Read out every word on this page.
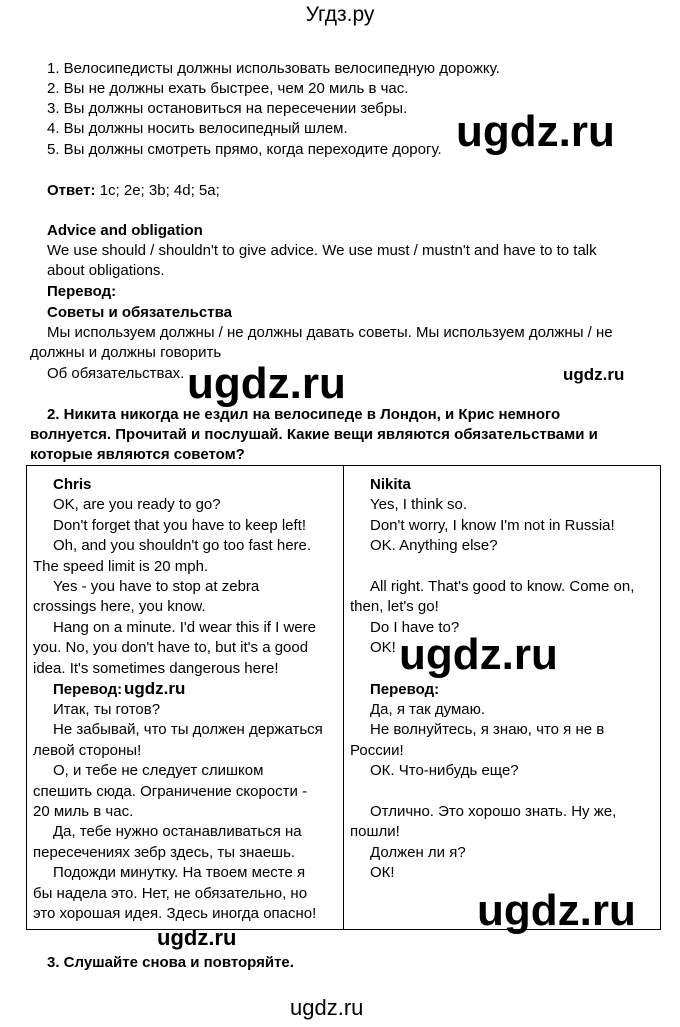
Угдз.ру
1. Велосипедисты должны использовать велосипедную дорожку.
2. Вы не должны ехать быстрее, чем 20 миль в час.
3. Вы должны остановиться на пересечении зебры.
4. Вы должны носить велосипедный шлем.
5. Вы должны смотреть прямо, когда переходите дорогу. ugdz.ru
Ответ: 1c; 2e; 3b; 4d; 5a;
Advice and obligation
We use should / shouldn't to give advice. We use must / mustn't and have to to talk
about obligations.
Перевод:
Советы и обязательства
Мы используем должны / не должны давать советы. Мы используем должны / не
должны и должны говорить
Об обязательствах. ugdz.ru	ugdz.ru
2. Никита никогда не ездил на велосипеде в Лондон, и Крис немного
волнуется. Прочитай и послушай. Какие вещи являются обязательствами и
которые являются советом?
Chris
OK, are you ready to go?
Don't forget that you have to keep left!
Oh, and you shouldn't go too fast here.
The speed limit is 20 mph.
Yes - you have to stop at zebra
crossings here, you know.
Hang on a minute. I'd wear this if I were
you. No, you don't have to, but it's a good
idea. It's sometimes dangerous here!
Перевод:
Итак, ты готов?
Не забывай, что ты должен держаться
левой стороны!
О, и тебе не следует слишком
спешить сюда. Ограничение скорости -
20 миль в час.
Да, тебе нужно останавливаться на
пересечениях зебр здесь, ты знаешь.
Подожди минутку. На твоем месте я
бы надела это. Нет, не обязательно, но
это хорошая идея. Здесь иногда опасно!
ugdz.ru
Nikita
Yes, I think so.
Don't worry, I know I'm not in Russia!
OK. Anything else?
All right. That's good to know. Come on,
then, let's go!
Do I have to?
OK!
Перевод:
Да, я так думаю.
Не волнуйтесь, я знаю, что я не в
России!
ОК. Что-нибудь еще?
Отлично. Это хорошо знать. Ну же,
пошли!
Должен ли я?
ОК!
ugdz.ru
ugdz.ru
ugdz.ru
3. Слушайте снова и повторяйте.
ugdz.ru
